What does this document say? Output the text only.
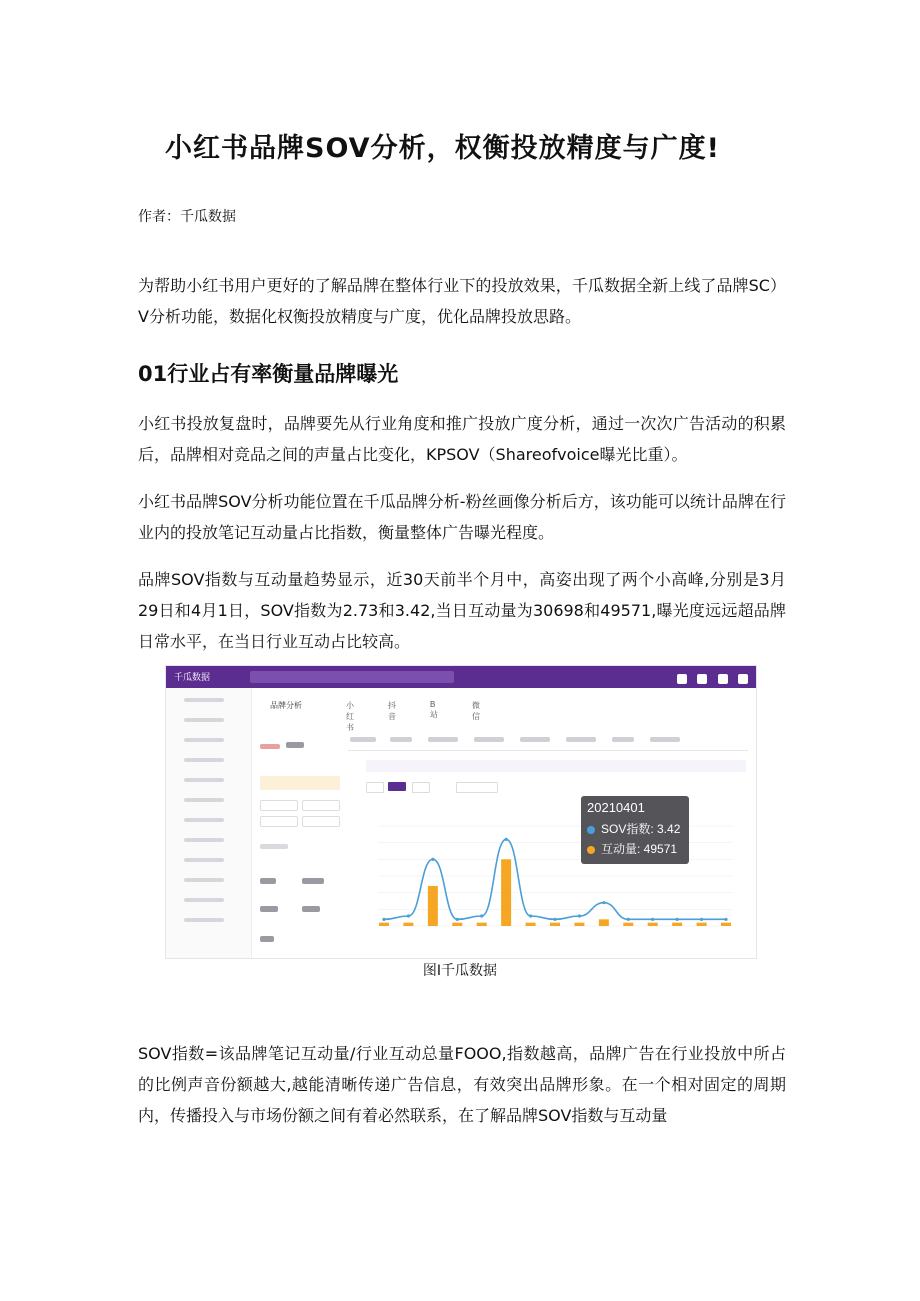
小红书品牌SOV分析，权衡投放精度与广度!
作者：千瓜数据
为帮助小红书用户更好的了解品牌在整体行业下的投放效果，千瓜数据全新上线了品牌SC）V分析功能，数据化权衡投放精度与广度，优化品牌投放思路。
01行业占有率衡量品牌曝光
小红书投放复盘时，品牌要先从行业角度和推广投放广度分析，通过一次次广告活动的积累后，品牌相对竞品之间的声量占比变化，KPSOV（Shareofvoice曝光比重）。
小红书品牌SOV分析功能位置在千瓜品牌分析-粉丝画像分析后方，该功能可以统计品牌在行业内的投放笔记互动量占比指数，衡量整体广告曝光程度。
品牌SOV指数与互动量趋势显示，近30天前半个月中，高姿出现了两个小高峰,分别是3月29日和4月1日，SOV指数为2.73和3.42,当日互动量为30698和49571,曝光度远远超品牌日常水平，在当日行业互动占比较高。
千瓜数据

品牌分析	小红书
抖音
B站
微信
20210401
SOV指数: 3.42
互动量: 49571
图I千瓜数据
SOV指数=该品牌笔记互动量/行业互动总量FOOO,指数越高，品牌广告在行业投放中所占的比例声音份额越大,越能清晰传递广告信息，有效突出品牌形象。在一个相对固定的周期内，传播投入与市场份额之间有着必然联系，在了解品牌SOV指数与互动量
